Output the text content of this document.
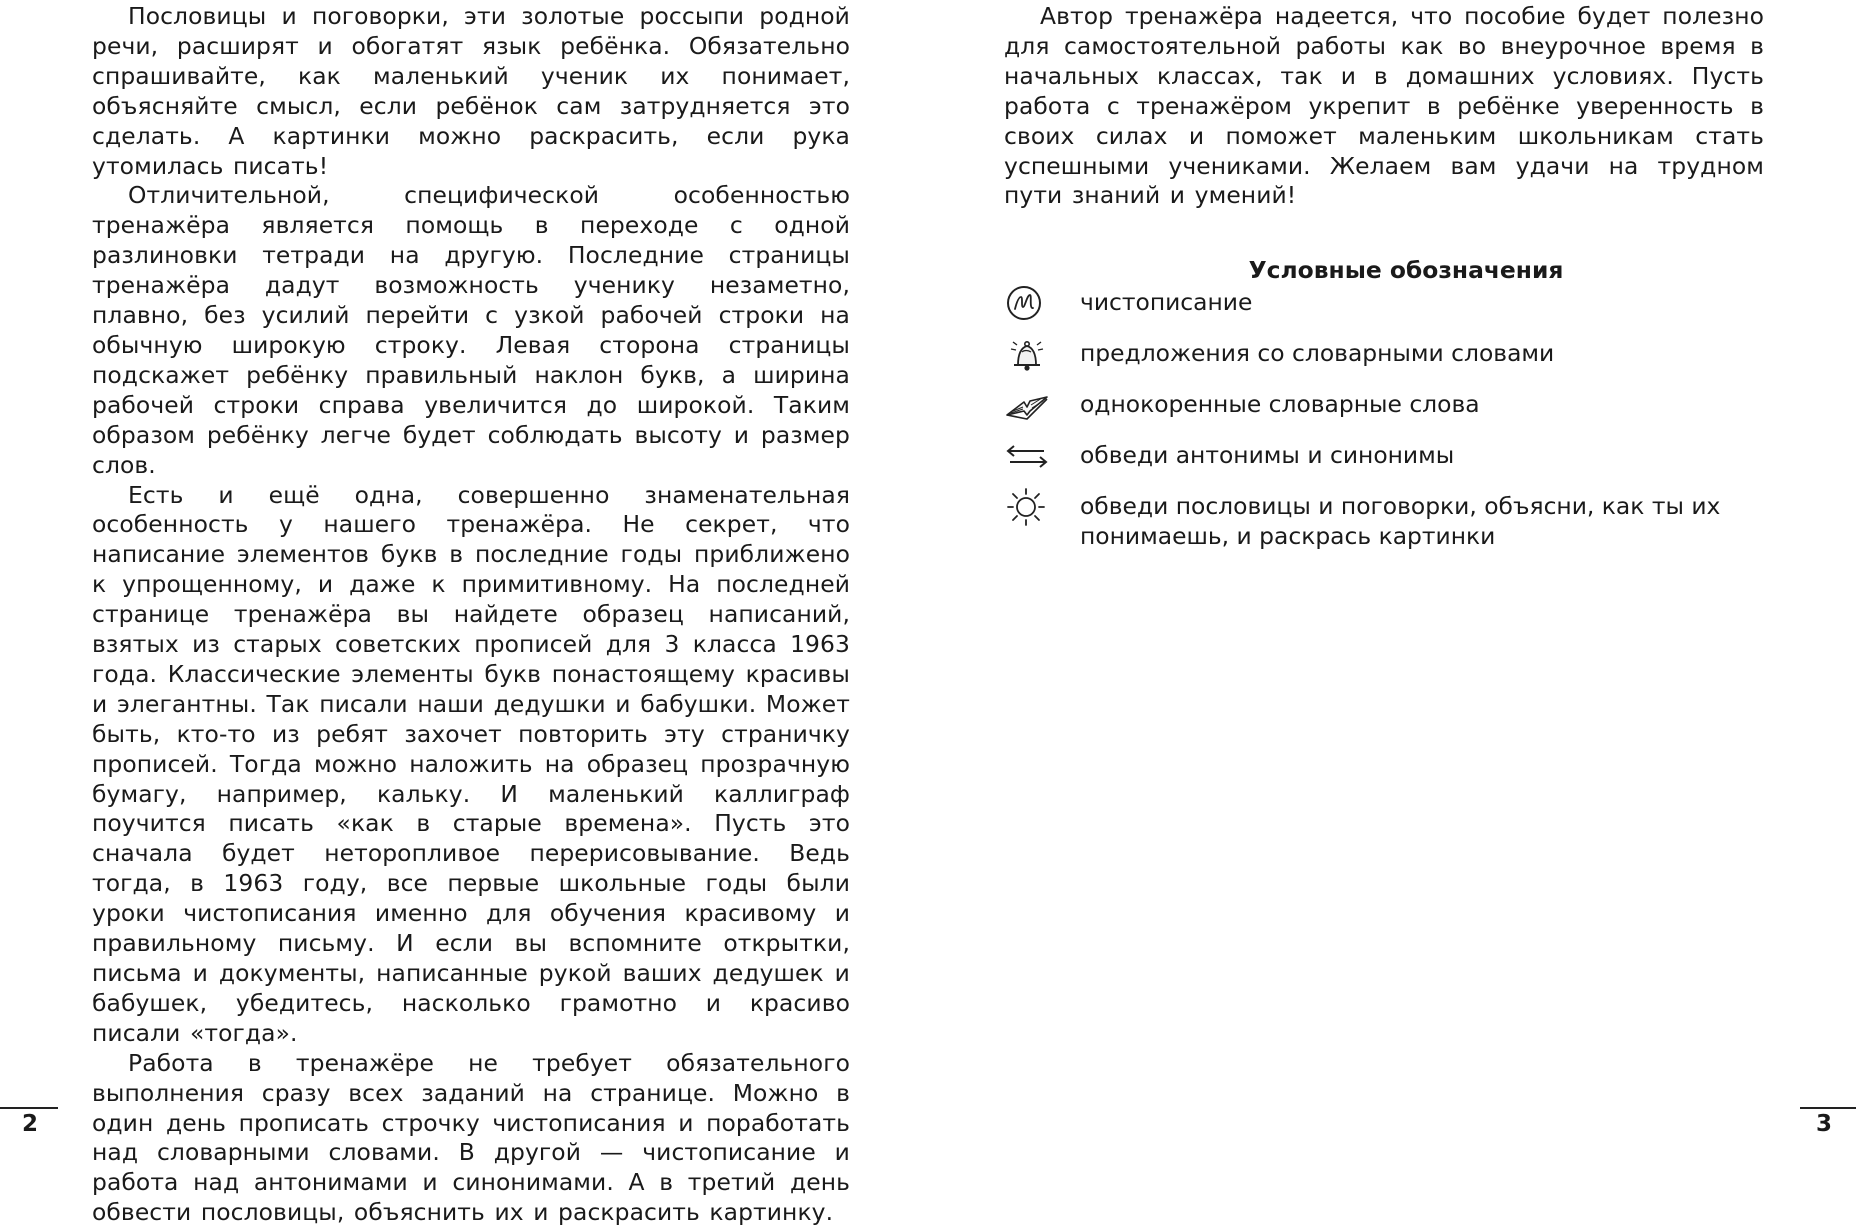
Пословицы и поговорки, эти золотые россыпи родной речи, расширят и обогатят язык ребёнка. Обязательно спрашивайте, как маленький ученик их понимает, объясняйте смысл, если ребёнок сам затрудняется это сделать. А картинки можно раскрасить, если рука утомилась писать!

Отличительной, специфической особенностью тренажёра является помощь в переходе с одной разлиновки тетради на другую. Последние страницы тренажёра дадут возможность ученику незаметно, плавно, без усилий перейти с узкой рабочей строки на обычную широкую строку. Левая сторона страницы подскажет ребёнку правильный наклон букв, а ширина рабочей строки справа увеличится до широкой. Таким образом ребёнку легче будет соблюдать высоту и размер слов.

Есть и ещё одна, совершенно знаменательная особенность у нашего тренажёра. Не секрет, что написание элементов букв в последние годы приближено к упрощенному, и даже к примитивному. На последней странице тренажёра вы найдете образец написаний, взятых из старых советских прописей для 3 класса 1963 года. Классические элементы букв понастоящему красивы и элегантны. Так писали наши дедушки и бабушки. Может быть, кто-то из ребят захочет повторить эту страничку прописей. Тогда можно наложить на образец прозрачную бумагу, например, кальку. И маленький каллиграф поучится писать «как в старые времена». Пусть это сначала будет неторопливое перерисовывание. Ведь тогда, в 1963 году, все первые школьные годы были уроки чистописания именно для обучения красивому и правильному письму. И если вы вспомните открытки, письма и документы, написанные рукой ваших дедушек и бабушек, убедитесь, насколько грамотно и красиво писали «тогда».

Работа в тренажёре не требует обязательного выполнения сразу всех заданий на странице. Можно в один день прописать строчку чистописания и поработать над словарными словами. В другой — чистописание и работа над антонимами и синонимами. А в третий день обвести пословицы, объяснить их и раскрасить картинку.

2

Автор тренажёра надеется, что пособие будет полезно для самостоятельной работы как во внеурочное время в начальных классах, так и в домашних условиях. Пусть работа с тренажёром укрепит в ребёнке уверенность в своих силах и поможет маленьким школьникам стать успешными учениками. Желаем вам удачи на трудном пути знаний и умений!

Условные обозначения
чистописание
предложения со словарными словами
однокоренные словарные слова
обведи антонимы и синонимы
обведи пословицы и поговорки, объясни, как ты их понимаешь, и раскрась картинки
3
